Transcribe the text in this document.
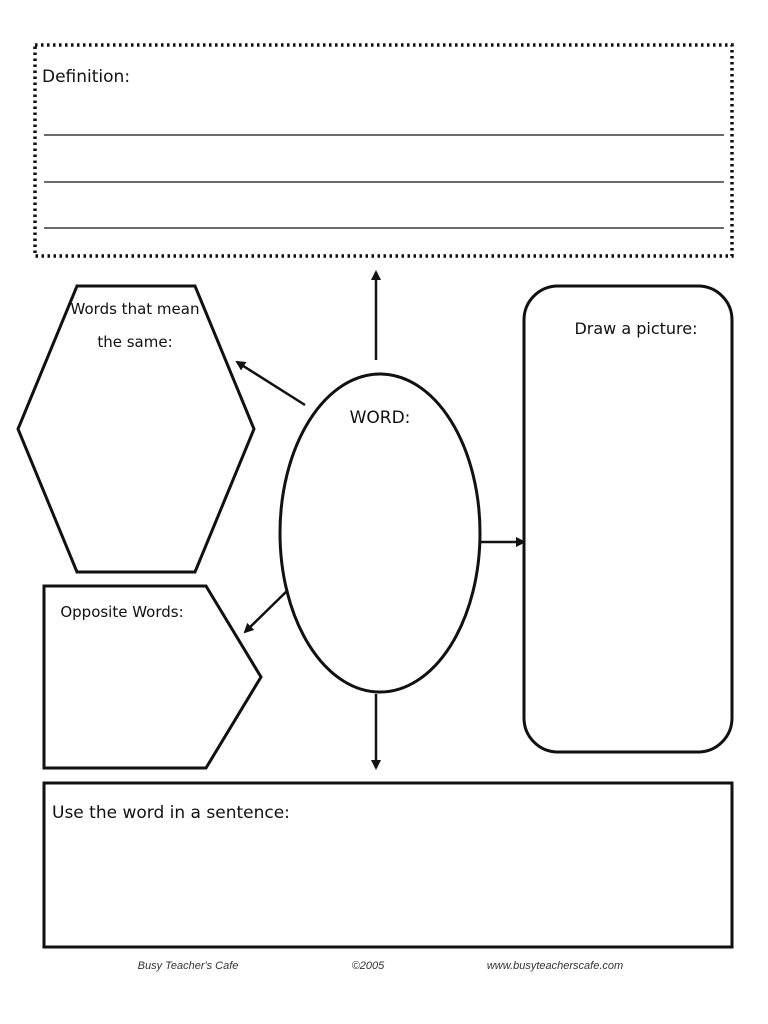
Definition:
Words that mean
the same:
WORD:
Draw a picture:
Opposite Words:
Use the word in a sentence:
Busy Teacher's Cafe	©2005	www.busyteacherscafe.com
